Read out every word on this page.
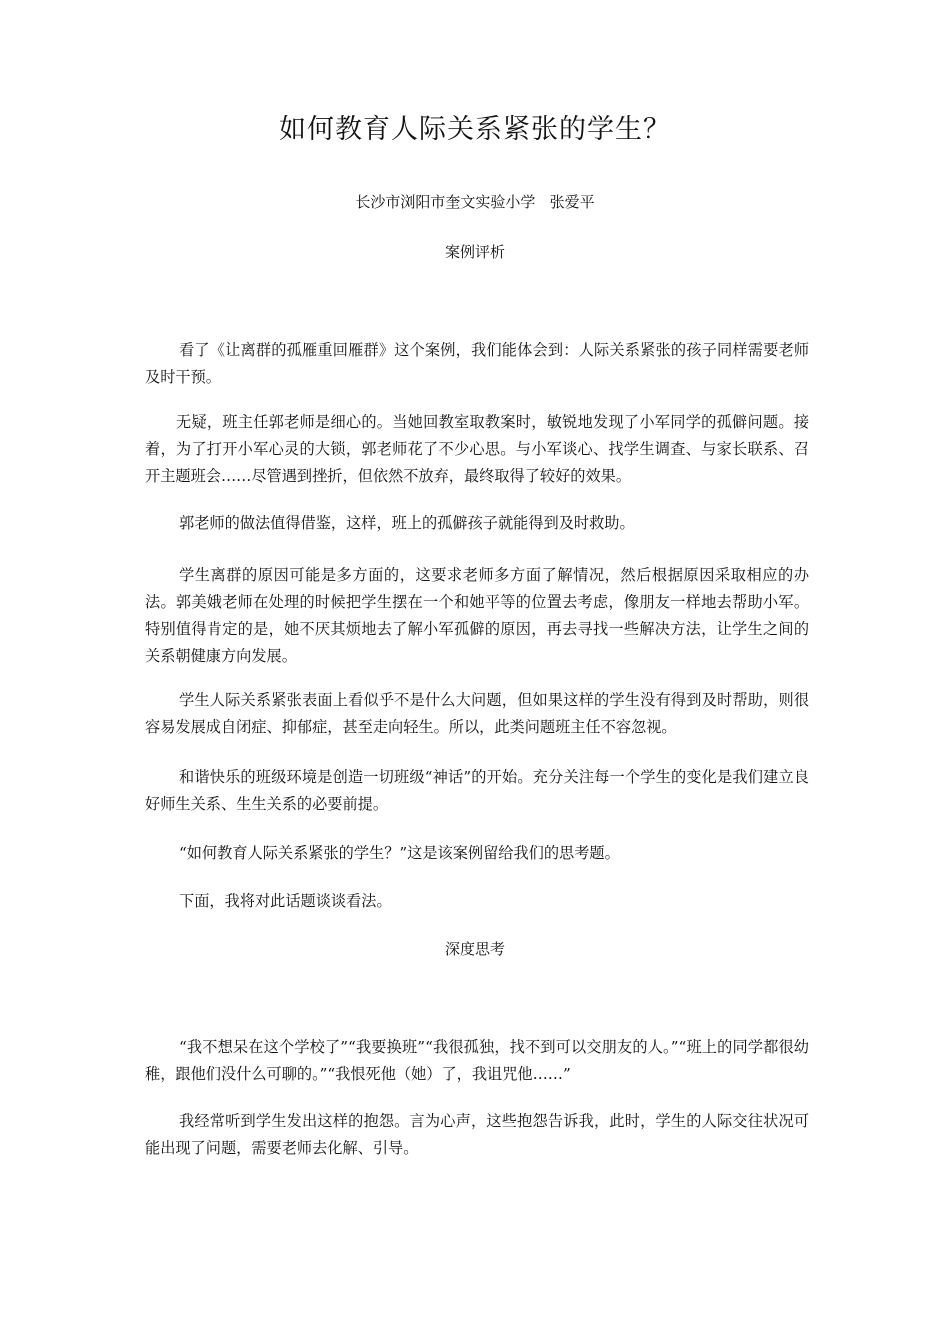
如何教育人际关系紧张的学生？
长沙市浏阳市奎文实验小学   张爱平
案例评析

看了《让离群的孤雁重回雁群》这个案例，我们能体会到：人际关系紧张的孩子同样需要老师及时干预。

无疑，班主任郭老师是细心的。当她回教室取教案时，敏锐地发现了小军同学的孤僻问题。接着，为了打开小军心灵的大锁，郭老师花了不少心思。与小军谈心、找学生调查、与家长联系、召开主题班会……尽管遇到挫折，但依然不放弃，最终取得了较好的效果。

郭老师的做法值得借鉴，这样，班上的孤僻孩子就能得到及时救助。

学生离群的原因可能是多方面的，这要求老师多方面了解情况，然后根据原因采取相应的办法。郭美娥老师在处理的时候把学生摆在一个和她平等的位置去考虑，像朋友一样地去帮助小军。特别值得肯定的是，她不厌其烦地去了解小军孤僻的原因，再去寻找一些解决方法，让学生之间的关系朝健康方向发展。

学生人际关系紧张表面上看似乎不是什么大问题，但如果这样的学生没有得到及时帮助，则很容易发展成自闭症、抑郁症，甚至走向轻生。所以，此类问题班主任不容忽视。

和谐快乐的班级环境是创造一切班级“神话”的开始。充分关注每一个学生的变化是我们建立良好师生关系、生生关系的必要前提。

“如何教育人际关系紧张的学生？”这是该案例留给我们的思考题。

下面，我将对此话题谈谈看法。

深度思考

“我不想呆在这个学校了”“我要换班”“我很孤独，找不到可以交朋友的人。”“班上的同学都很幼稚，跟他们没什么可聊的。”“我恨死他（她）了，我诅咒他……”

我经常听到学生发出这样的抱怨。言为心声，这些抱怨告诉我，此时，学生的人际交往状况可能出现了问题，需要老师去化解、引导。
